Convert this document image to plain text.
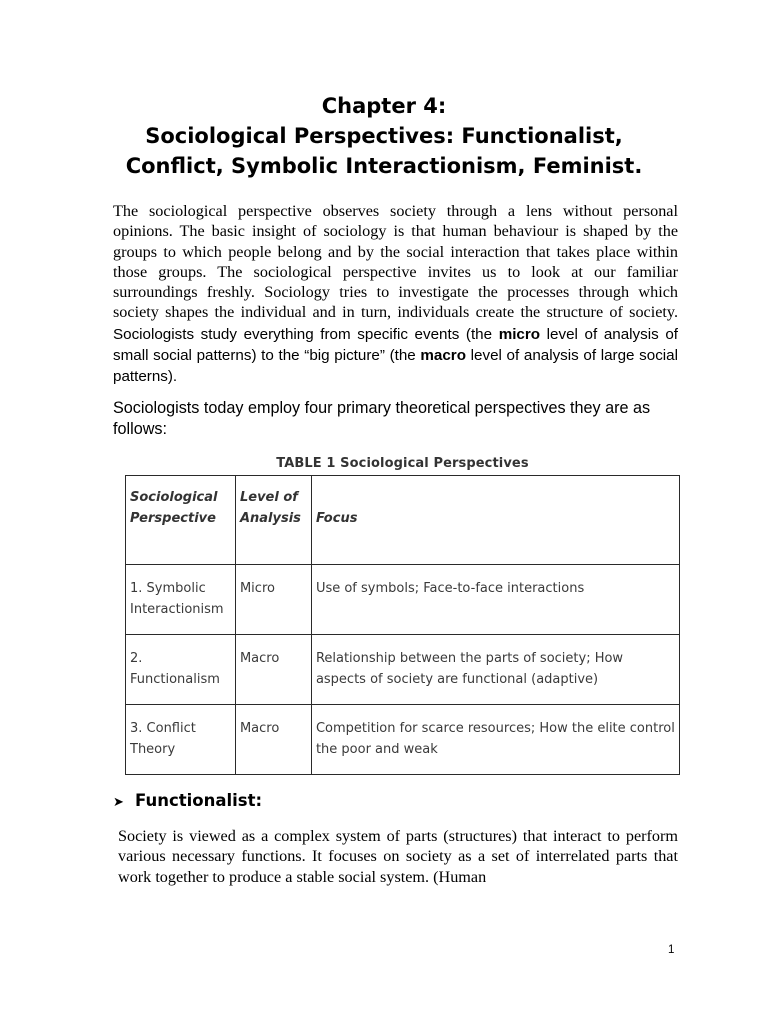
Chapter 4:
Sociological Perspectives: Functionalist,
Conflict, Symbolic Interactionism, Feminist.
The sociological perspective observes society through a lens without personal opinions. The basic insight of sociology is that human behaviour is shaped by the groups to which people belong and by the social interaction that takes place within those groups. The sociological perspective invites us to look at our familiar surroundings freshly. Sociology tries to investigate the processes through which society shapes the individual and in turn, individuals create the structure of society. Sociologists study everything from specific events (the micro level of analysis of small social patterns) to the “big picture” (the macro level of analysis of large social patterns).
Sociologists today employ four primary theoretical perspectives they are as follows:
TABLE 1 Sociological Perspectives
Sociological Perspective	Level of Analysis	Focus
1. Symbolic Interactionism	Micro	Use of symbols; Face-to-face interactions
2. Functionalism	Macro	Relationship between the parts of society; How aspects of society are functional (adaptive)
3. Conflict Theory	Macro	Competition for scarce resources; How the elite control the poor and weak
➤ Functionalist:
Society is viewed as a complex system of parts (structures) that interact to perform various necessary functions. It focuses on society as a set of interrelated parts that work together to produce a stable social system. (Human
1
